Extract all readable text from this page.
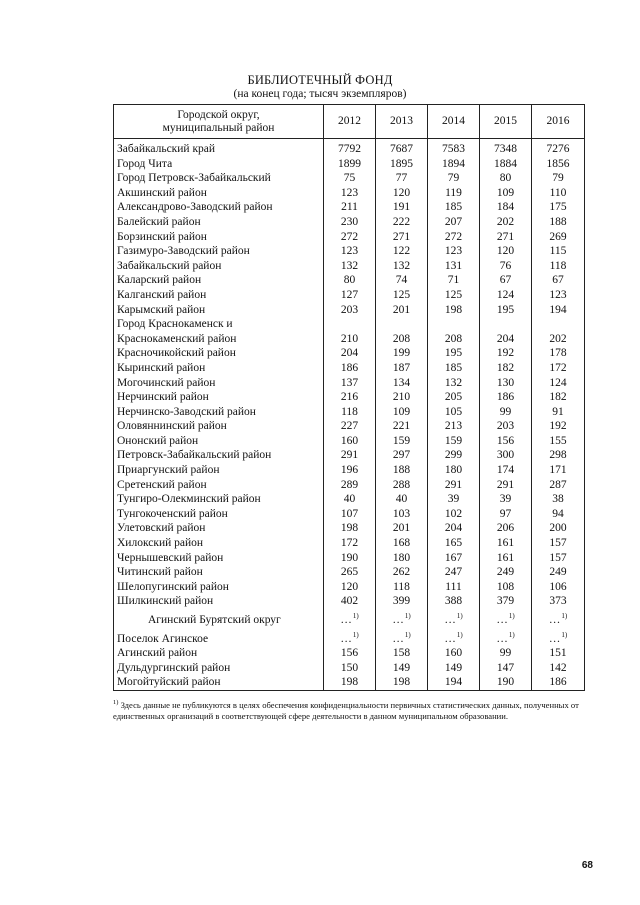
БИБЛИОТЕЧНЫЙ ФОНД
(на конец года; тысяч экземпляров)
Городской округ,
муниципальный район	2012	2013	2014	2015	2016
Забайкальский край	7792	7687	7583	7348	7276
Город Чита	1899	1895	1894	1884	1856
Город Петровск-Забайкальский	75	77	79	80	79
Акшинский район	123	120	119	109	110
Александрово-Заводский район	211	191	185	184	175
Балейский район	230	222	207	202	188
Борзинский район	272	271	272	271	269
Газимуро-Заводский район	123	122	123	120	115
Забайкальский район	132	132	131	76	118
Каларский район	80	74	71	67	67
Калганский район	127	125	125	124	123
Карымский район	203	201	198	195	194
Город Краснокаменск и					
Краснокаменский район	210	208	208	204	202
Красночикойский район	204	199	195	192	178
Кыринский район	186	187	185	182	172
Могочинский район	137	134	132	130	124
Нерчинский район	216	210	205	186	182
Нерчинско-Заводский район	118	109	105	99	91
Оловяннинский район	227	221	213	203	192
Ононский район	160	159	159	156	155
Петровск-Забайкальский район	291	297	299	300	298
Приаргунский район	196	188	180	174	171
Сретенский район	289	288	291	291	287
Тунгиро-Олекминский район	40	40	39	39	38
Тунгокоченский район	107	103	102	97	94
Улетовский район	198	201	204	206	200
Хилокский район	172	168	165	161	157
Чернышевский район	190	180	167	161	157
Читинский район	265	262	247	249	249
Шелопугинский район	120	118	111	108	106
Шилкинский район	402	399	388	379	373
Агинский Бурятский округ	…$^{1)}$	…$^{1)}$	…$^{1)}$	…$^{1)}$	…$^{1)}$
Поселок Агинское	…$^{1)}$	…$^{1)}$	…$^{1)}$	…$^{1)}$	…$^{1)}$
Агинский район	156	158	160	99	151
Дульдургинский район	150	149	149	147	142
Могойтуйский район	198	198	194	190	186
$^{1)}$ Здесь данные не публикуются в целях обеспечения конфиденциальности первичных статистических данных, полученных от единственных организаций в соответствующей сфере деятельности в данном муниципальном образовании.
68
